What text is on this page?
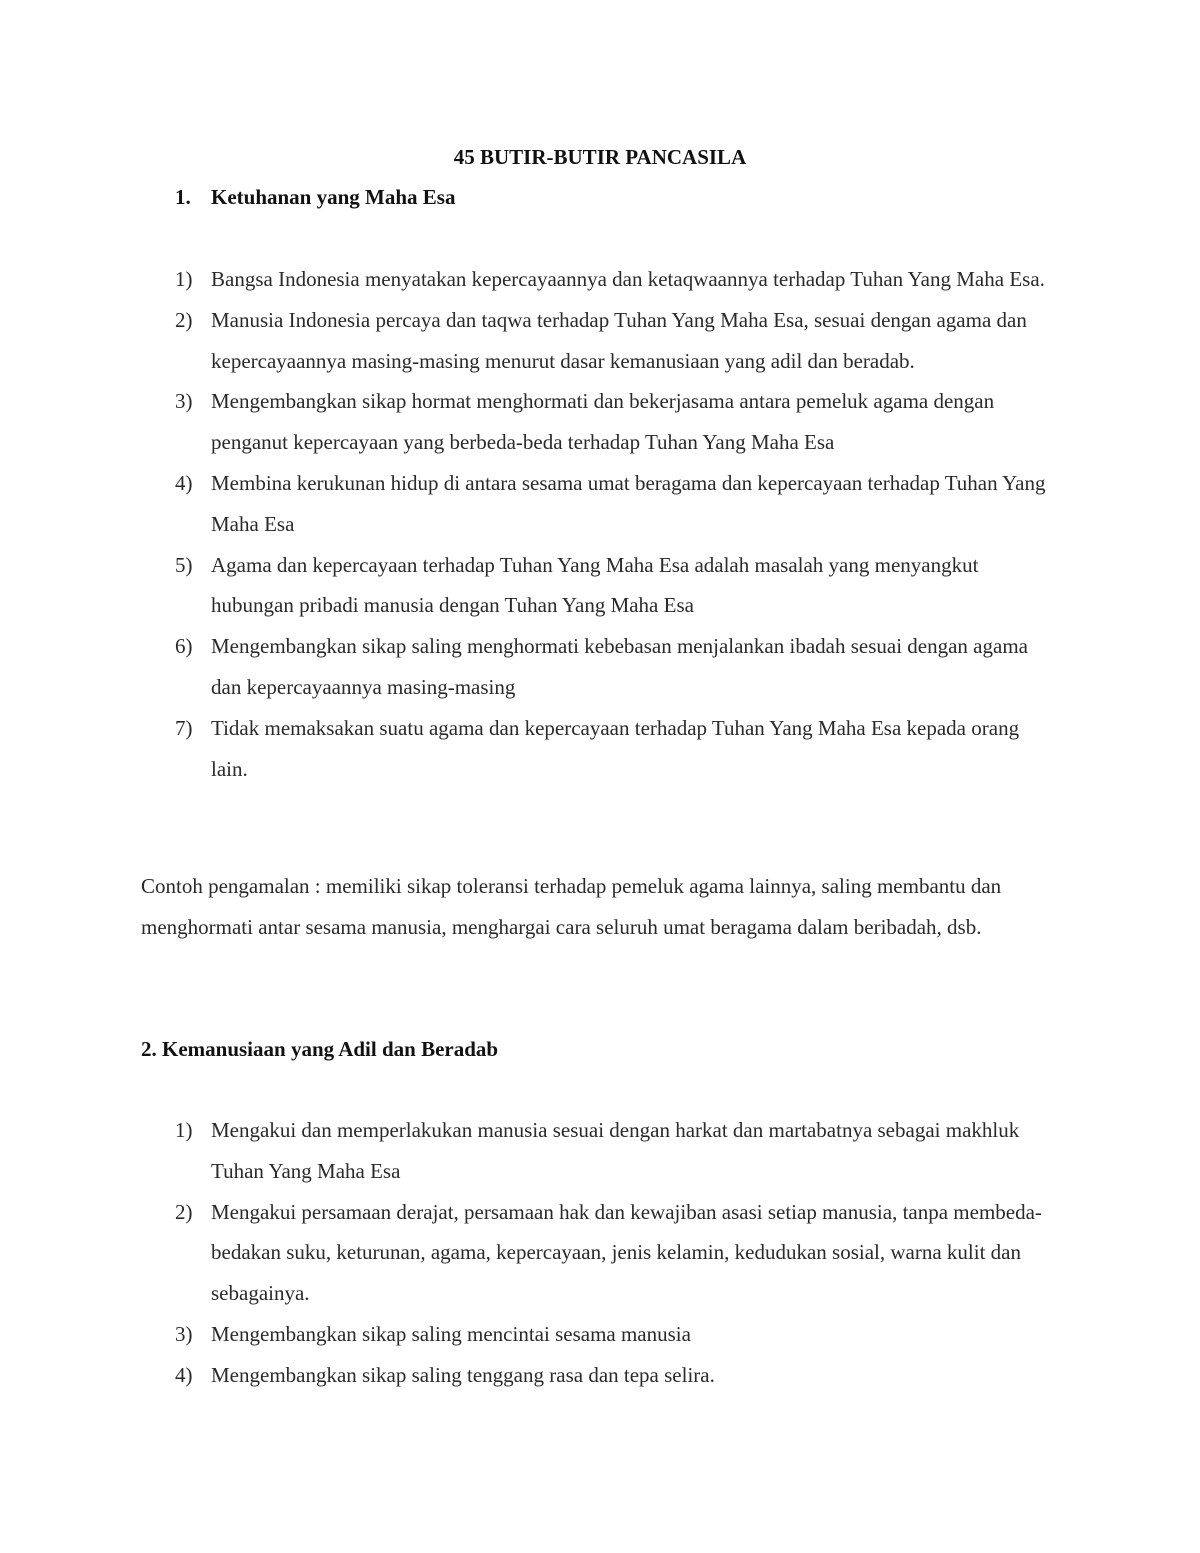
45 BUTIR-BUTIR PANCASILA
1. Ketuhanan yang Maha Esa
1) Bangsa Indonesia menyatakan kepercayaannya dan ketaqwaannya terhadap Tuhan Yang Maha Esa.
2) Manusia Indonesia percaya dan taqwa terhadap Tuhan Yang Maha Esa, sesuai dengan agama dan kepercayaannya masing-masing menurut dasar kemanusiaan yang adil dan beradab.
3) Mengembangkan sikap hormat menghormati dan bekerjasama antara pemeluk agama dengan penganut kepercayaan yang berbeda-beda terhadap Tuhan Yang Maha Esa
4) Membina kerukunan hidup di antara sesama umat beragama dan kepercayaan terhadap Tuhan Yang Maha Esa
5) Agama dan kepercayaan terhadap Tuhan Yang Maha Esa adalah masalah yang menyangkut hubungan pribadi manusia dengan Tuhan Yang Maha Esa
6) Mengembangkan sikap saling menghormati kebebasan menjalankan ibadah sesuai dengan agama dan kepercayaannya masing-masing
7) Tidak memaksakan suatu agama dan kepercayaan terhadap Tuhan Yang Maha Esa kepada orang lain.

Contoh pengamalan : memiliki sikap toleransi terhadap pemeluk agama lainnya, saling membantu dan menghormati antar sesama manusia, menghargai cara seluruh umat beragama dalam beribadah, dsb.

2. Kemanusiaan yang Adil dan Beradab
1) Mengakui dan memperlakukan manusia sesuai dengan harkat dan martabatnya sebagai makhluk Tuhan Yang Maha Esa
2) Mengakui persamaan derajat, persamaan hak dan kewajiban asasi setiap manusia, tanpa membeda-bedakan suku, keturunan, agama, kepercayaan, jenis kelamin, kedudukan sosial, warna kulit dan sebagainya.
3) Mengembangkan sikap saling mencintai sesama manusia
4) Mengembangkan sikap saling tenggang rasa dan tepa selira.
